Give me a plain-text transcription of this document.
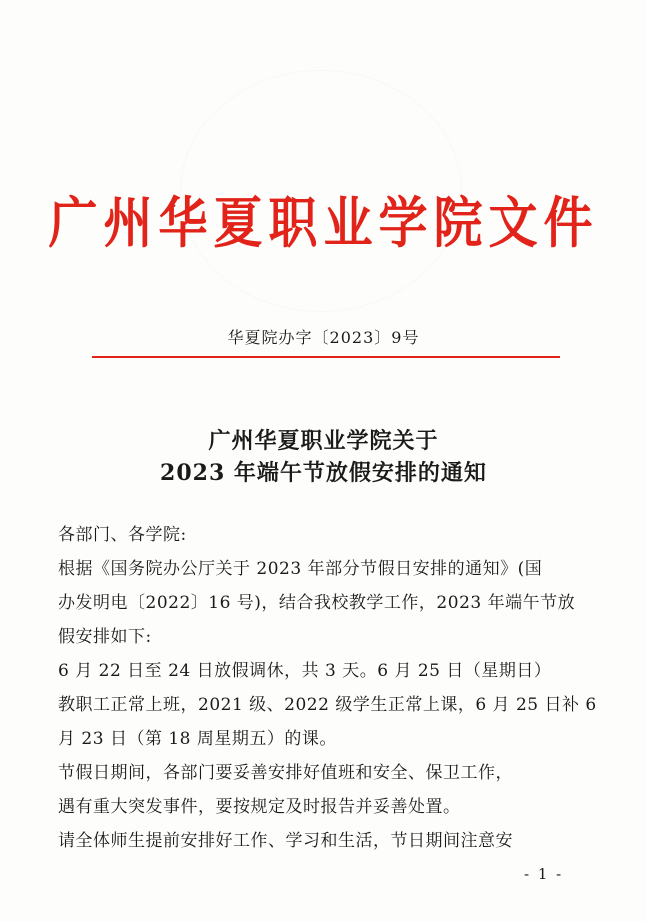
广州华夏职业学院文件
华夏院办字〔2023〕9号
广州华夏职业学院关于
2023 年端午节放假安排的通知
各部门、各学院:
根据《国务院办公厅关于 2023 年部分节假日安排的通知》(国
办发明电〔2022〕16 号)，结合我校教学工作，2023 年端午节放
假安排如下:
6 月 22 日至 24 日放假调休，共 3 天。6 月 25 日（星期日）
教职工正常上班，2021 级、2022 级学生正常上课，6 月 25 日补 6
月 23 日（第 18 周星期五）的课。
节假日期间，各部门要妥善安排好值班和安全、保卫工作，
遇有重大突发事件，要按规定及时报告并妥善处置。
请全体师生提前安排好工作、学习和生活，节日期间注意安
- 1 -
